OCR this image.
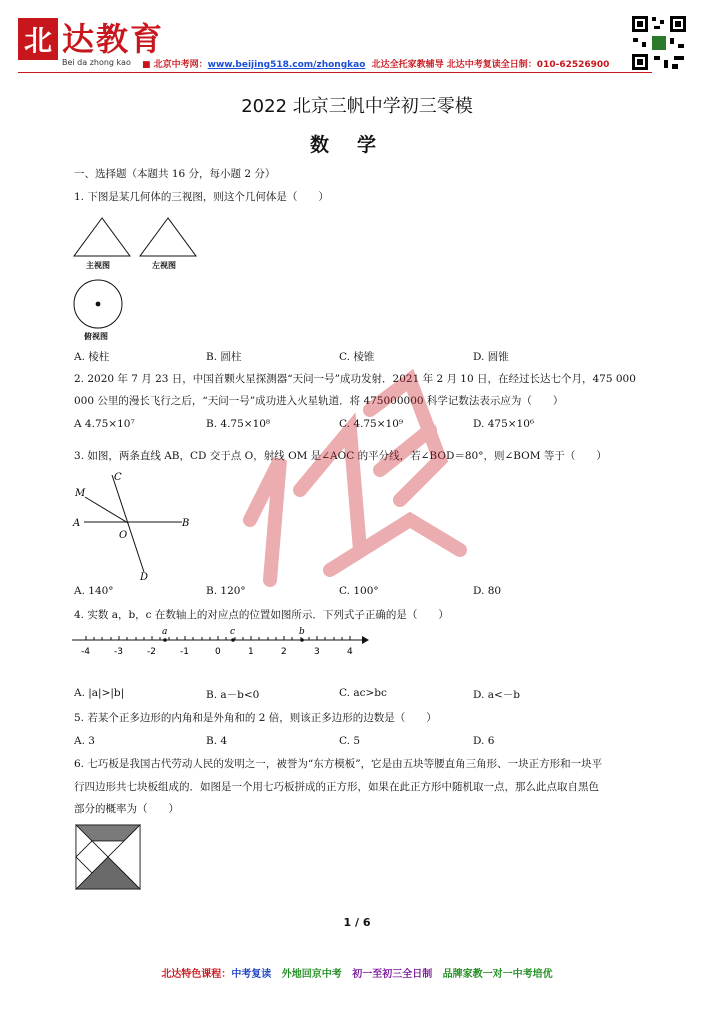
北 达教育
Bei da zhong kao ■ 北京中考网：www.beijing518.com/zhongkao 北达全托家教辅导 北达中考复读全日制：010-62526900
2022 北京三帆中学初三零模
数学
一、选择题（本题共 16 分，每小题 2 分）
1. 下图是某几何体的三视图，则这个几何体是（　　）
主视图	左视图
俯视图
A. 棱柱	B. 圆柱	C. 棱锥	D. 圆锥
2. 2020 年 7 月 23 日，中国首颗火星探测器“天问一号”成功发射．2021 年 2 月 10 日，在经过长达七个月，475 000
000 公里的漫长飞行之后，“天问一号”成功进入火星轨道．将 475000000 科学记数法表示应为（　　）
A 4.75×10⁷	B. 4.75×10⁸	C. 4.75×10⁹	D. 475×10⁶
3. 如图，两条直线 AB，CD 交于点 O，射线 OM 是∠AOC 的平分线，若∠BOD＝80°，则∠BOM 等于（　　）
M
C
A
O
B
D
A. 140°	B. 120°	C. 100°	D. 80
4. 实数 a，b，c 在数轴上的对应点的位置如图所示．下列式子正确的是（　　）
a	c	b
-4	-3	-2	-1	0	1	2	3	4
A. |a|>|b|	B. a－b<0	C. ac>bc	D. a<－b
5. 若某个正多边形的内角和是外角和的 2 倍，则该正多边形的边数是（　　）
A. 3	B. 4	C. 5	D. 6
6. 七巧板是我国古代劳动人民的发明之一，被誉为“东方模板”，它是由五块等腰直角三角形、一块正方形和一块平
行四边形共七块板组成的．如图是一个用七巧板拼成的正方形，如果在此正方形中随机取一点，那么此点取自黑色
部分的概率为（　　）
1 / 6
北达特色课程：中考复读 外地回京中考 初一至初三全日制 品牌家教一对一中考培优
